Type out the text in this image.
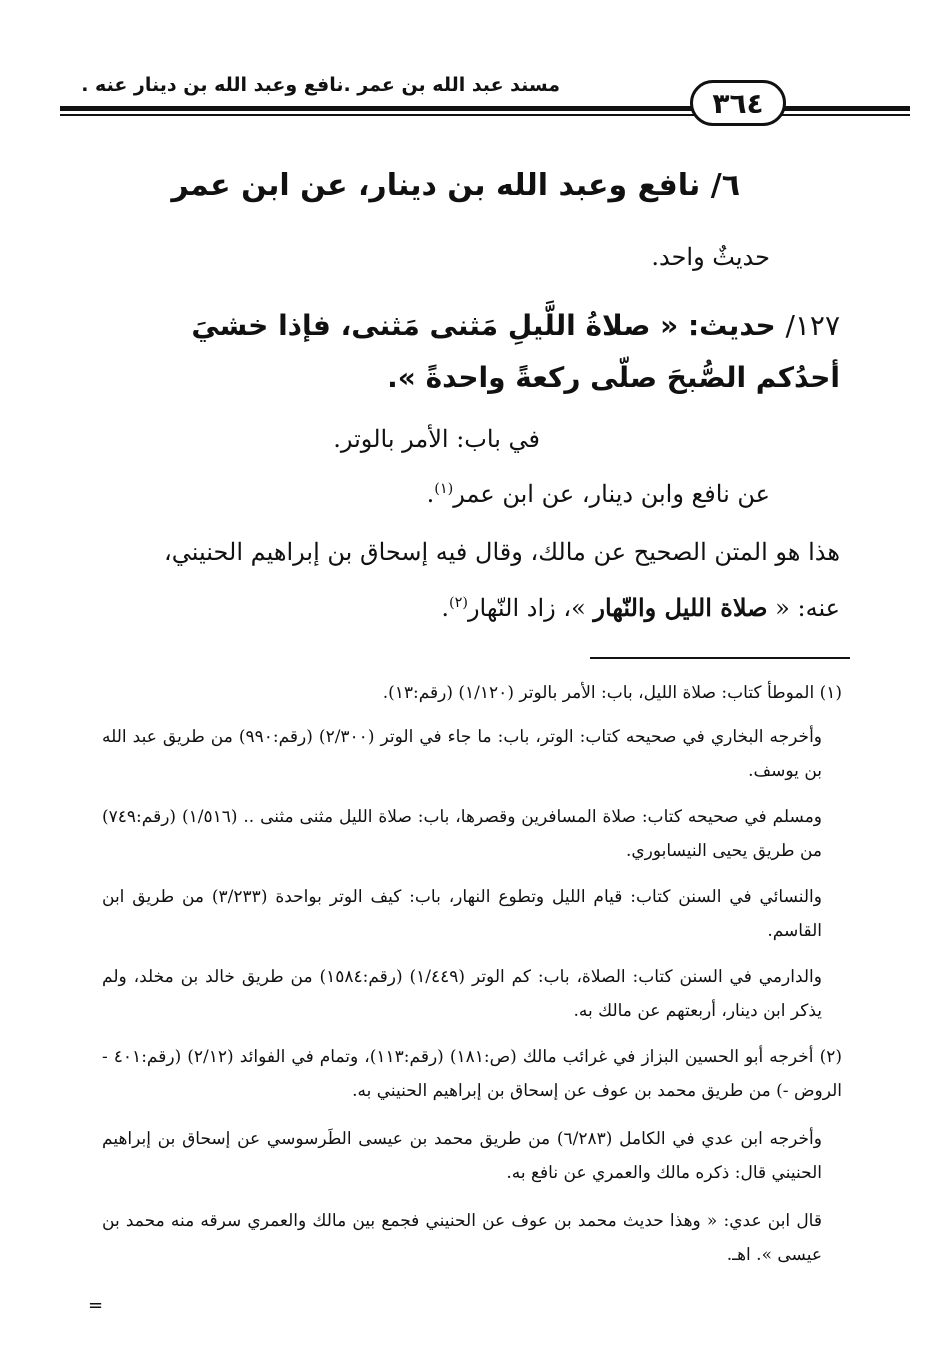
مسند عبد الله بن عمر .نافع وعبد الله بن دينار عنه .
٣٦٤
٦/ نافع وعبد الله بن دينار، عن ابن عمر
حديثٌ واحد.
١٢٧/ حديث: « صلاةُ اللَّيلِ مَثنى مَثنى، فإذا خشيَ أحدُكم الصُّبحَ صلّى ركعةً واحدةً ».
في باب: الأمر بالوتر.
عن نافع وابن دينار، عن ابن عمر$^{(١)}$.
هذا هو المتن الصحيح عن مالك، وقال فيه إسحاق بن إبراهيم الحنيني،
عنه: « صلاة الليل والنّهار »، زاد النّهار$^{(٢)}$.
(١) الموطأ كتاب: صلاة الليل، باب: الأمر بالوتر (١/١٢٠) (رقم:١٣).
وأخرجه البخاري في صحيحه كتاب: الوتر، باب: ما جاء في الوتر (٢/٣٠٠) (رقم:٩٩٠) من طريق عبد الله بن يوسف.
ومسلم في صحيحه كتاب: صلاة المسافرين وقصرها، باب: صلاة الليل مثنى مثنى .. (١/٥١٦) (رقم:٧٤٩) من طريق يحيى النيسابوري.
والنسائي في السنن كتاب: قيام الليل وتطوع النهار، باب: كيف الوتر بواحدة (٣/٢٣٣) من طريق ابن القاسم.
والدارمي في السنن كتاب: الصلاة، باب: كم الوتر (١/٤٤٩) (رقم:١٥٨٤) من طريق خالد بن مخلد، ولم يذكر ابن دينار، أربعتهم عن مالك به.
(٢) أخرجه أبو الحسين البزاز في غرائب مالك (ص:١٨١) (رقم:١١٣)، وتمام في الفوائد (٢/١٢) (رقم:٤٠١ - الروض -) من طريق محمد بن عوف عن إسحاق بن إبراهيم الحنيني به.
وأخرجه ابن عدي في الكامل (٦/٢٨٣) من طريق محمد بن عيسى الطَرسوسي عن إسحاق بن إبراهيم الحنيني قال: ذكره مالك والعمري عن نافع به.
قال ابن عدي: « وهذا حديث محمد بن عوف عن الحنيني فجمع بين مالك والعمري سرقه منه محمد بن عيسى ». اهـ.
=
